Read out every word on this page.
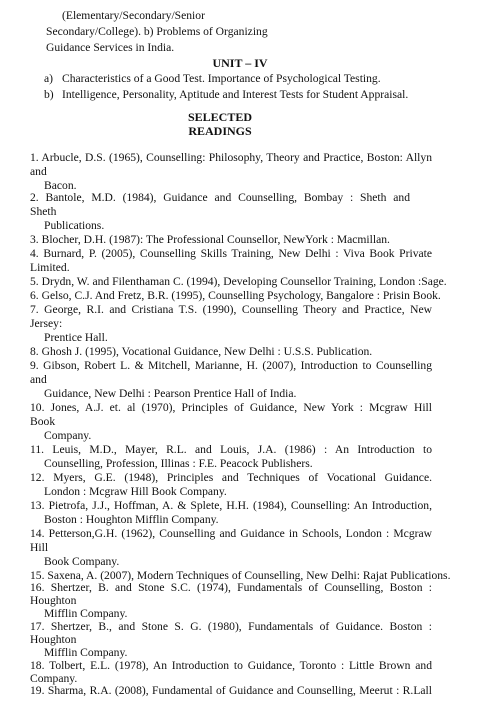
(Elementary/Secondary/Senior
Secondary/College). b) Problems of Organizing
Guidance Services in India.
UNIT – IV
a) Characteristics of a Good Test. Importance of Psychological Testing.
b) Intelligence, Personality, Aptitude and Interest Tests for Student Appraisal.
SELECTED
READINGS
1. Arbucle, D.S. (1965), Counselling: Philosophy, Theory and Practice, Boston: Allyn
and
Bacon.
2. Bantole, M.D. (1984), Guidance and Counselling, Bombay : Sheth and
Sheth
Publications.
3. Blocher, D.H. (1987): The Professional Counsellor, NewYork : Macmillan.
4. Burnard, P. (2005), Counselling Skills Training, New Delhi : Viva Book Private
Limited.
5. Drydn, W. and Filenthaman C. (1994), Developing Counsellor Training, London :Sage.
6. Gelso, C.J. And Fretz, B.R. (1995), Counselling Psychology, Bangalore : Prisin Book.
7. George, R.I. and Cristiana T.S. (1990), Counselling Theory and Practice, New
Jersey:
Prentice Hall.
8. Ghosh J. (1995), Vocational Guidance, New Delhi : U.S.S. Publication.
9. Gibson, Robert L. & Mitchell, Marianne, H. (2007), Introduction to Counselling
and
Guidance, New Delhi : Pearson Prentice Hall of India.
10. Jones, A.J. et. al (1970), Principles of Guidance, New York : Mcgraw Hill
Book
Company.
11. Leuis, M.D., Mayer, R.L. and Louis, J.A. (1986) : An Introduction to
Counselling, Profession, Illinas : F.E. Peacock Publishers.
12. Myers, G.E. (1948), Principles and Techniques of Vocational Guidance.
London : Mcgraw Hill Book Company.
13. Pietrofa, J.J., Hoffman, A. & Splete, H.H. (1984), Counselling: An Introduction,
Boston : Houghton Mifflin Company.
14. Petterson,G.H. (1962), Counselling and Guidance in Schools, London : Mcgraw
Hill
Book Company.
15. Saxena, A. (2007), Modern Techniques of Counselling, New Delhi: Rajat Publications.
16. Shertzer, B. and Stone S.C. (1974), Fundamentals of Counselling, Boston :
Houghton
Mifflin Company.
17. Shertzer, B., and Stone S. G. (1980), Fundamentals of Guidance. Boston :
Houghton
Mifflin Company.
18. Tolbert, E.L. (1978), An Introduction to Guidance, Toronto : Little Brown and
Company.
19. Sharma, R.A. (2008), Fundamental of Guidance and Counselling, Meerut : R.Lall
